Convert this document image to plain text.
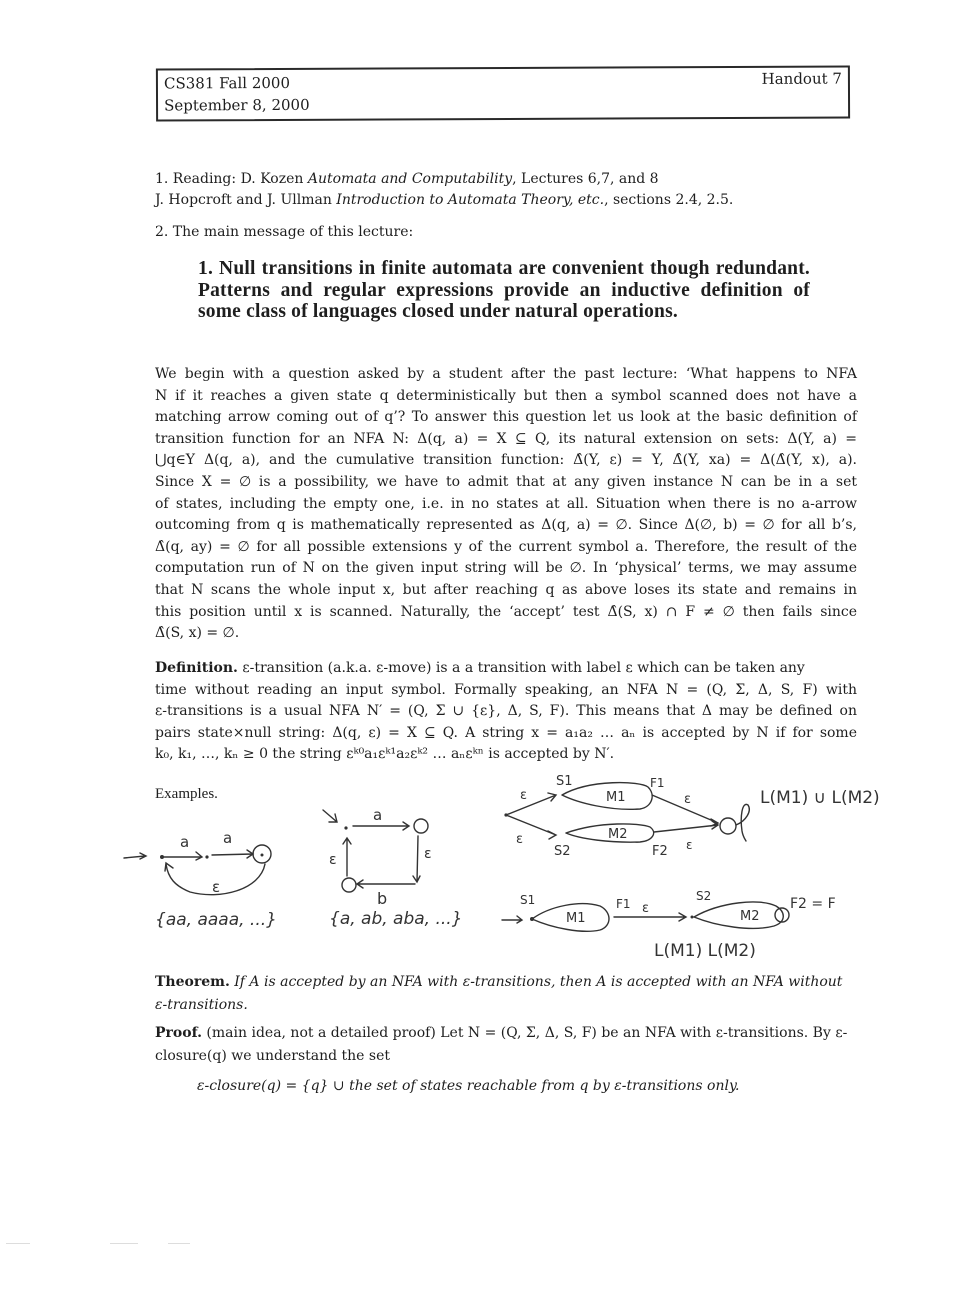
CS381 Fall 2000
September 8, 2000
Handout 7
1. Reading: D. Kozen Automata and Computability, Lectures 6,7, and 8
J. Hopcroft and J. Ullman Introduction to Automata Theory, etc., sections 2.4, 2.5.
2. The main message of this lecture:
1. Null transitions in finite automata are convenient though redundant. Patterns and regular expressions provide an inductive definition of some class of languages closed under natural operations.
We begin with a question asked by a student after the past lecture: ‘What happens to NFA
N if it reaches a given state q deterministically but then a symbol scanned does not have a
matching arrow coming out of q’? To answer this question let us look at the basic definition of
transition function for an NFA N: Δ(q, a) = X ⊆ Q, its natural extension on sets: Δ(Y, a) =
⋃q∈Y Δ(q, a), and the cumulative transition function: Δ̂(Y, ε) = Y, Δ̂(Y, xa) = Δ(Δ̂(Y, x), a).
Since X = ∅ is a possibility, we have to admit that at any given instance N can be in a set
of states, including the empty one, i.e. in no states at all. Situation when there is no a-arrow
outcoming from q is mathematically represented as Δ(q, a) = ∅. Since Δ(∅, b) = ∅ for all b’s,
Δ̂(q, ay) = ∅ for all possible extensions y of the current symbol a. Therefore, the result of the
computation run of N on the given input string will be ∅. In ‘physical’ terms, we may assume
that N scans the whole input x, but after reaching q as above loses its state and remains in
this position until x is scanned. Naturally, the ‘accept’ test Δ̂(S, x) ∩ F ≠ ∅ then fails since
Δ̂(S, x) = ∅.
Definition. ε-transition (a.k.a. ε-move) is a a transition with label ε which can be taken any
time without reading an input symbol. Formally speaking, an NFA N = (Q, Σ, Δ, S, F) with
ε-transitions is a usual NFA N′ = (Q, Σ ∪ {ε}, Δ, S, F). This means that Δ may be defined on
pairs state×null string: Δ(q, ε) = X ⊆ Q. A string x = a₁a₂ … aₙ is accepted by N if for some
k₀, k₁, …, kₙ ≥ 0 the string εᵏ⁰a₁εᵏ¹a₂εᵏ² … aₙεᵏⁿ is accepted by N′.
Examples.
a a
ε
{aa, aaaa, ...}
a
ε
b
ε
{a, ab, aba, ...}
ε
ε
ε
ε
S1
S2
F1
F2
M1
M2
L(M1) ∪ L(M2)
S1	F1 ε
S2
M1	M2
F2 = F
L(M1) L(M2)
Theorem. If A is accepted by an NFA with ε-transitions, then A is accepted with an NFA without ε-transitions.
Proof. (main idea, not a detailed proof) Let N = (Q, Σ, Δ, S, F) be an NFA with ε-transitions. By ε-closure(q) we understand the set
ε-closure(q) = {q} ∪ the set of states reachable from q by ε-transitions only.
